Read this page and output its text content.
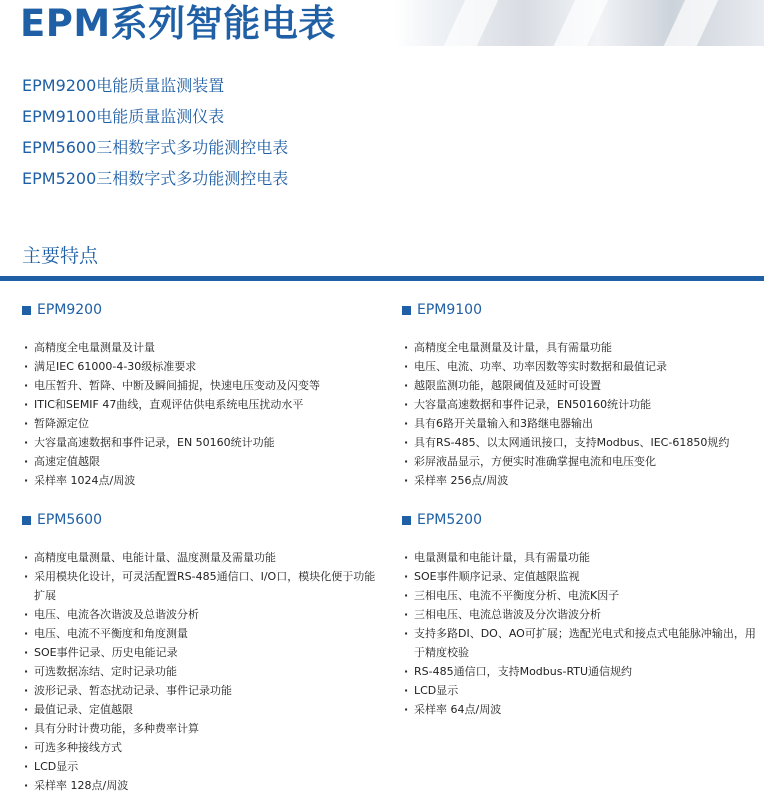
EPM系列智能电表
EPM9200电能质量监测装置
EPM9100电能质量监测仪表
EPM5600三相数字式多功能测控电表
EPM5200三相数字式多功能测控电表
主要特点
EPM9200
· 高精度全电量测量及计量
· 满足IEC 61000-4-30级标准要求
· 电压暂升、暂降、中断及瞬间捕捉，快速电压变动及闪变等
· ITIC和SEMIF 47曲线，直观评估供电系统电压扰动水平
· 暂降源定位
· 大容量高速数据和事件记录，EN 50160统计功能
· 高速定值越限
· 采样率 1024点/周波
EPM9100
· 高精度全电量测量及计量，具有需量功能
· 电压、电流、功率、功率因数等实时数据和最值记录
· 越限监测功能，越限阈值及延时可设置
· 大容量高速数据和事件记录，EN50160统计功能
· 具有6路开关量输入和3路继电器输出
· 具有RS-485、以太网通讯接口，支持Modbus、IEC-61850规约
· 彩屏液晶显示，方便实时准确掌握电流和电压变化
· 采样率 256点/周波
EPM5600
· 高精度电量测量、电能计量、温度测量及需量功能
· 采用模块化设计，可灵活配置RS-485通信口、I/O口，模块化便于功能扩展
· 电压、电流各次谐波及总谐波分析
· 电压、电流不平衡度和角度测量
· SOE事件记录、历史电能记录
· 可选数据冻结、定时记录功能
· 波形记录、暂态扰动记录、事件记录功能
· 最值记录、定值越限
· 具有分时计费功能，多种费率计算
· 可选多种接线方式
· LCD显示
· 采样率 128点/周波
EPM5200
· 电量测量和电能计量，具有需量功能
· SOE事件顺序记录、定值越限监视
· 三相电压、电流不平衡度分析、电流K因子
· 三相电压、电流总谐波及分次谐波分析
· 支持多路DI、DO、AO可扩展；选配光电式和接点式电能脉冲输出，用于精度校验
· RS-485通信口，支持Modbus-RTU通信规约
· LCD显示
· 采样率 64点/周波
